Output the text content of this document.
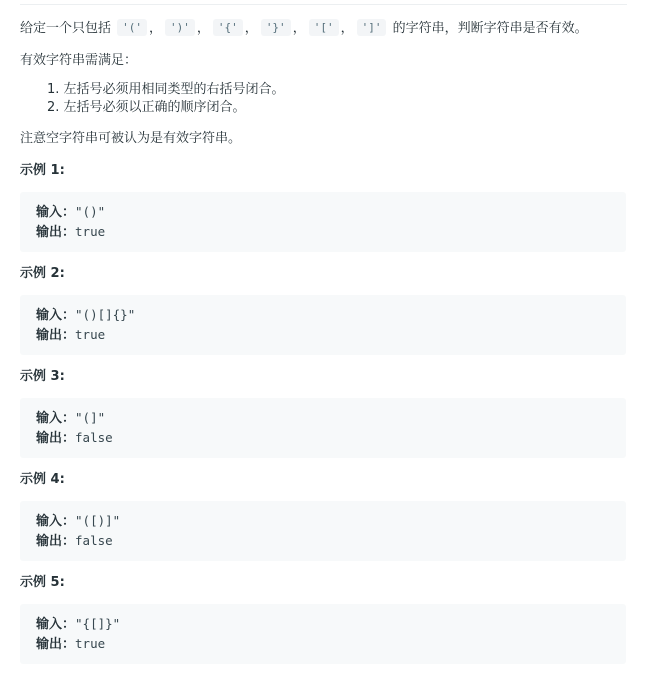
给定一个只包括 '(' ， ')' ， '{' ， '}' ， '[' ， ']' 的字符串，判断字符串是否有效。

有效字符串需满足：

1. 左括号必须用相同类型的右括号闭合。
2. 左括号必须以正确的顺序闭合。

注意空字符串可被认为是有效字符串。

示例 1:

输入："()"
输出：true

示例 2:

输入："()[]{}"
输出：true

示例 3:

输入："(]"
输出：false

示例 4:

输入："([)]"
输出：false

示例 5:

输入："{[]}"
输出：true
